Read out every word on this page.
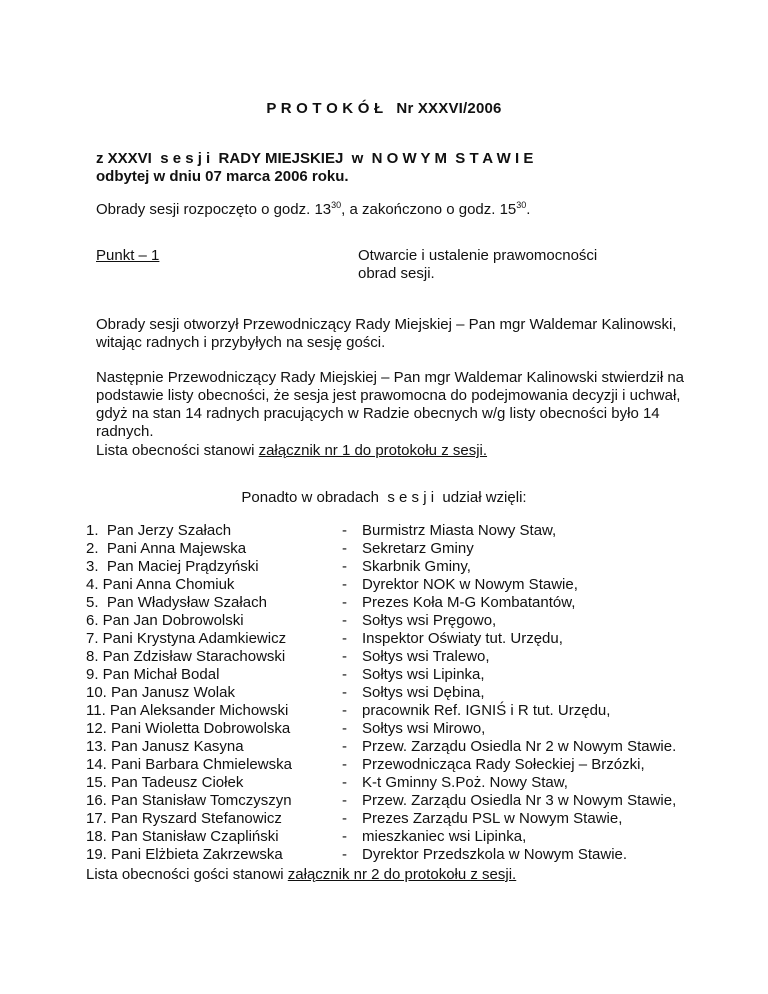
P R O T O K Ó Ł   Nr XXXVI/2006
z XXXVI  s e s j i  RADY MIEJSKIEJ  w  N O W Y M  S T A W I E
odbytej w dniu 07 marca 2006 roku.
Obrady sesji rozpoczęto o godz. $13^{30}$, a zakończono o godz. $15^{30}$.
Punkt – 1	Otwarcie i ustalenie prawomocności
obrad sesji.
Obrady sesji otworzył Przewodniczący Rady Miejskiej – Pan mgr Waldemar Kalinowski, witając radnych i przybyłych na sesję gości.
Następnie Przewodniczący Rady Miejskiej – Pan mgr Waldemar Kalinowski stwierdził na podstawie listy obecności, że sesja jest prawomocna do podejmowania decyzji i uchwał, gdyż na stan 14 radnych pracujących w Radzie obecnych w/g listy obecności było 14 radnych.
Lista obecności stanowi załącznik nr 1 do protokołu z sesji.
Ponadto w obradach  s e s j i  udział wzięli:
1.  Pan Jerzy Szałach	- Burmistrz Miasta Nowy Staw,
2.  Pani Anna Majewska	- Sekretarz Gminy
3.  Pan Maciej Prądzyński	- Skarbnik Gminy,
4. Pani Anna Chomiuk	- Dyrektor NOK w Nowym Stawie,
5.  Pan Władysław Szałach	- Prezes Koła M-G Kombatantów,
6. Pan Jan Dobrowolski	- Sołtys wsi Pręgowo,
7. Pani Krystyna Adamkiewicz	- Inspektor Oświaty tut. Urzędu,
8. Pan Zdzisław Starachowski	- Sołtys wsi Tralewo,
9. Pan Michał Bodal	- Sołtys wsi Lipinka,
10. Pan Janusz Wolak	- Sołtys wsi Dębina,
11. Pan Aleksander Michowski	- pracownik Ref. IGNIŚ i R tut. Urzędu,
12. Pani Wioletta Dobrowolska	- Sołtys wsi Mirowo,
13. Pan Janusz Kasyna	- Przew. Zarządu Osiedla Nr 2 w Nowym Stawie.
14. Pani Barbara Chmielewska	- Przewodnicząca Rady Sołeckiej – Brzózki,
15. Pan Tadeusz Ciołek	- K-t Gminny S.Poż. Nowy Staw,
16. Pan Stanisław Tomczyszyn	- Przew. Zarządu Osiedla Nr 3 w Nowym Stawie,
17. Pan Ryszard Stefanowicz	- Prezes Zarządu PSL w Nowym Stawie,
18. Pan Stanisław Czapliński	- mieszkaniec wsi Lipinka,
19. Pani Elżbieta Zakrzewska	- Dyrektor Przedszkola w Nowym Stawie.
Lista obecności gości stanowi załącznik nr 2 do protokołu z sesji.
